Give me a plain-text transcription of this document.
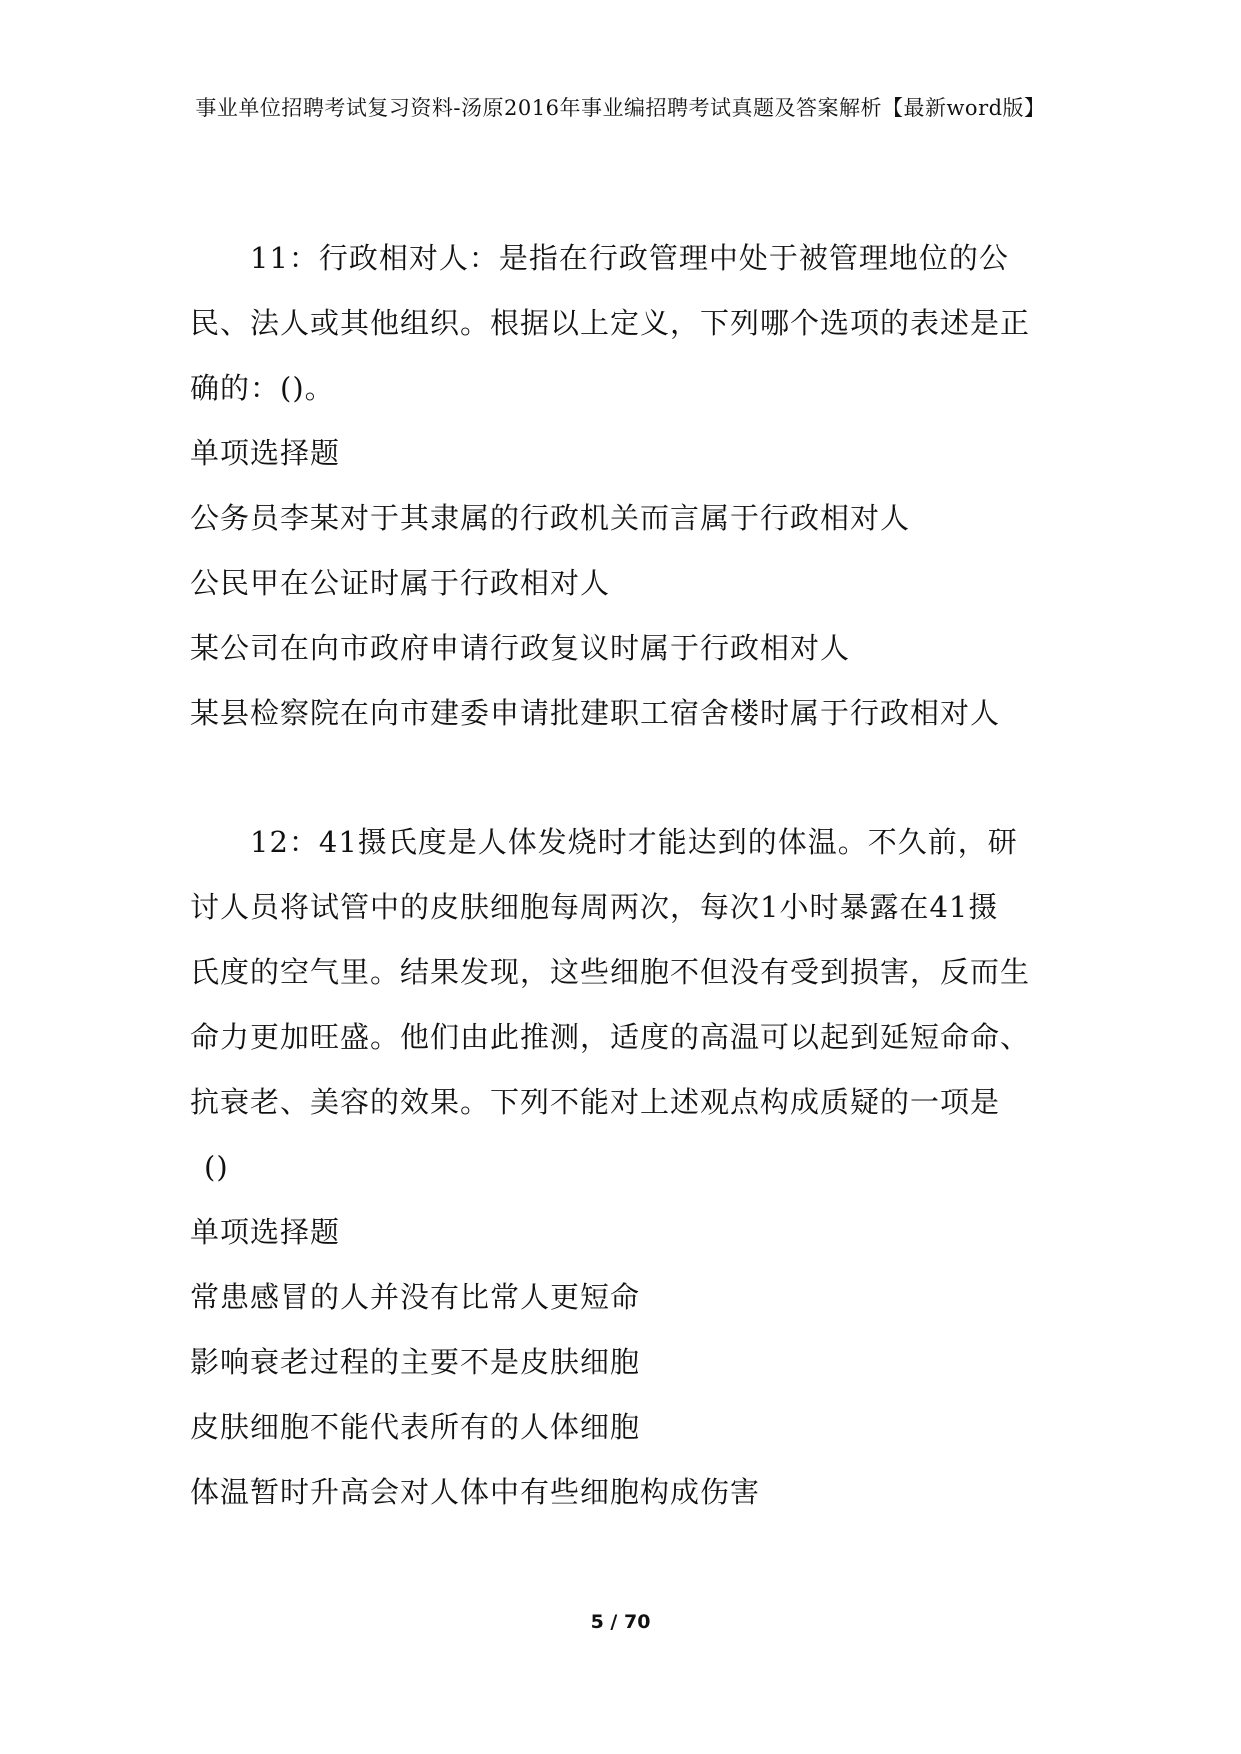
事业单位招聘考试复习资料-汤原2016年事业编招聘考试真题及答案解析【最新word版】
11：行政相对人：是指在行政管理中处于被管理地位的公
民、法人或其他组织。根据以上定义，下列哪个选项的表述是正
确的：()。
单项选择题
公务员李某对于其隶属的行政机关而言属于行政相对人
公民甲在公证时属于行政相对人
某公司在向市政府申请行政复议时属于行政相对人
某县检察院在向市建委申请批建职工宿舍楼时属于行政相对人
12：41摄氏度是人体发烧时才能达到的体温。不久前，研
讨人员将试管中的皮肤细胞每周两次，每次1小时暴露在41摄
氏度的空气里。结果发现，这些细胞不但没有受到损害，反而生
命力更加旺盛。他们由此推测，适度的高温可以起到延短命命、
抗衰老、美容的效果。下列不能对上述观点构成质疑的一项是
()
单项选择题
常患感冒的人并没有比常人更短命
影响衰老过程的主要不是皮肤细胞
皮肤细胞不能代表所有的人体细胞
体温暂时升高会对人体中有些细胞构成伤害
5 / 70
